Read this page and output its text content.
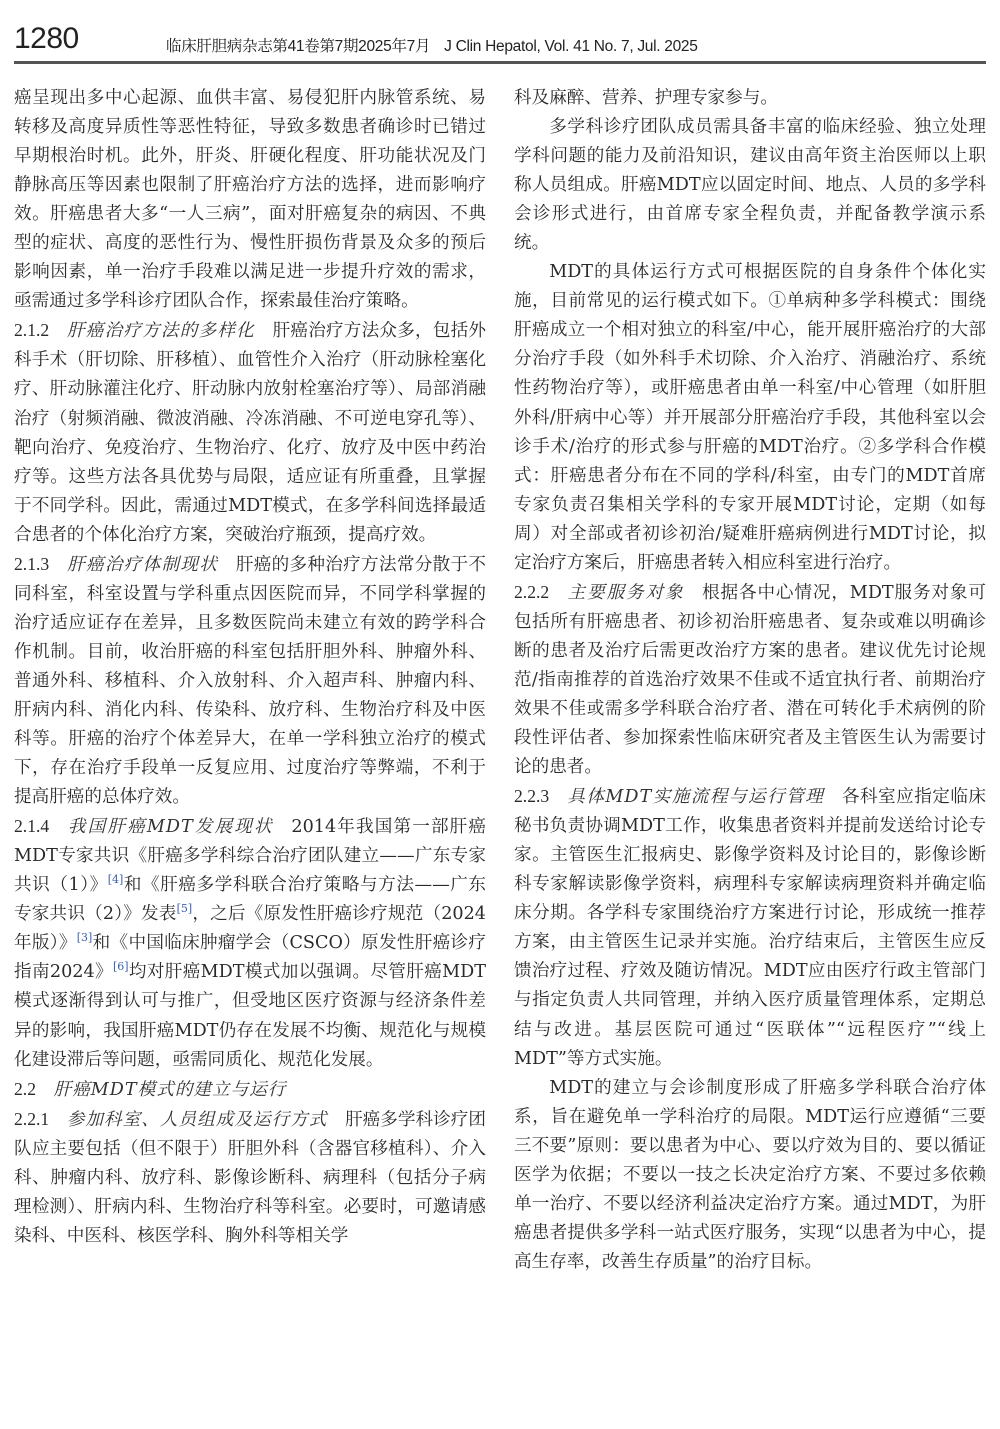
1280	临床肝胆病杂志第41卷第7期2025年7月 J Clin Hepatol, Vol. 41 No. 7, Jul. 2025

癌呈现出多中心起源、血供丰富、易侵犯肝内脉管系统、易转移及高度异质性等恶性特征，导致多数患者确诊时已错过早期根治时机。此外，肝炎、肝硬化程度、肝功能状况及门静脉高压等因素也限制了肝癌治疗方法的选择，进而影响疗效。肝癌患者大多“一人三病”，面对肝癌复杂的病因、不典型的症状、高度的恶性行为、慢性肝损伤背景及众多的预后影响因素，单一治疗手段难以满足进一步提升疗效的需求，亟需通过多学科诊疗团队合作，探索最佳治疗策略。

2.1.2 肝癌治疗方法的多样化 肝癌治疗方法众多，包括外科手术（肝切除、肝移植）、血管性介入治疗（肝动脉栓塞化疗、肝动脉灌注化疗、肝动脉内放射栓塞治疗等）、局部消融治疗（射频消融、微波消融、冷冻消融、不可逆电穿孔等）、靶向治疗、免疫治疗、生物治疗、化疗、放疗及中医中药治疗等。这些方法各具优势与局限，适应证有所重叠，且掌握于不同学科。因此，需通过MDT模式，在多学科间选择最适合患者的个体化治疗方案，突破治疗瓶颈，提高疗效。

2.1.3 肝癌治疗体制现状 肝癌的多种治疗方法常分散于不同科室，科室设置与学科重点因医院而异，不同学科掌握的治疗适应证存在差异，且多数医院尚未建立有效的跨学科合作机制。目前，收治肝癌的科室包括肝胆外科、肿瘤外科、普通外科、移植科、介入放射科、介入超声科、肿瘤内科、肝病内科、消化内科、传染科、放疗科、生物治疗科及中医科等。肝癌的治疗个体差异大，在单一学科独立治疗的模式下，存在治疗手段单一反复应用、过度治疗等弊端，不利于提高肝癌的总体疗效。

2.1.4 我国肝癌MDT发展现状 2014年我国第一部肝癌MDT专家共识《肝癌多学科综合治疗团队建立——广东专家共识（1）》[4]和《肝癌多学科联合治疗策略与方法——广东专家共识（2）》发表[5]，之后《原发性肝癌诊疗规范（2024年版）》[3]和《中国临床肿瘤学会（CSCO）原发性肝癌诊疗指南2024》[6]均对肝癌MDT模式加以强调。尽管肝癌MDT模式逐渐得到认可与推广，但受地区医疗资源与经济条件差异的影响，我国肝癌MDT仍存在发展不均衡、规范化与规模化建设滞后等问题，亟需同质化、规范化发展。

2.2 肝癌MDT模式的建立与运行

2.2.1 参加科室、人员组成及运行方式 肝癌多学科诊疗团队应主要包括（但不限于）肝胆外科（含器官移植科）、介入科、肿瘤内科、放疗科、影像诊断科、病理科（包括分子病理检测）、肝病内科、生物治疗科等科室。必要时，可邀请感染科、中医科、核医学科、胸外科等相关学

科及麻醉、营养、护理专家参与。

多学科诊疗团队成员需具备丰富的临床经验、独立处理学科问题的能力及前沿知识，建议由高年资主治医师以上职称人员组成。肝癌MDT应以固定时间、地点、人员的多学科会诊形式进行，由首席专家全程负责，并配备教学演示系统。

MDT的具体运行方式可根据医院的自身条件个体化实施，目前常见的运行模式如下。①单病种多学科模式：围绕肝癌成立一个相对独立的科室/中心，能开展肝癌治疗的大部分治疗手段（如外科手术切除、介入治疗、消融治疗、系统性药物治疗等），或肝癌患者由单一科室/中心管理（如肝胆外科/肝病中心等）并开展部分肝癌治疗手段，其他科室以会诊手术/治疗的形式参与肝癌的MDT治疗。②多学科合作模式：肝癌患者分布在不同的学科/科室，由专门的MDT首席专家负责召集相关学科的专家开展MDT讨论，定期（如每周）对全部或者初诊初治/疑难肝癌病例进行MDT讨论，拟定治疗方案后，肝癌患者转入相应科室进行治疗。

2.2.2 主要服务对象 根据各中心情况，MDT服务对象可包括所有肝癌患者、初诊初治肝癌患者、复杂或难以明确诊断的患者及治疗后需更改治疗方案的患者。建议优先讨论规范/指南推荐的首选治疗效果不佳或不适宜执行者、前期治疗效果不佳或需多学科联合治疗者、潜在可转化手术病例的阶段性评估者、参加探索性临床研究者及主管医生认为需要讨论的患者。

2.2.3 具体MDT实施流程与运行管理 各科室应指定临床秘书负责协调MDT工作，收集患者资料并提前发送给讨论专家。主管医生汇报病史、影像学资料及讨论目的，影像诊断科专家解读影像学资料，病理科专家解读病理资料并确定临床分期。各学科专家围绕治疗方案进行讨论，形成统一推荐方案，由主管医生记录并实施。治疗结束后，主管医生应反馈治疗过程、疗效及随访情况。MDT应由医疗行政主管部门与指定负责人共同管理，并纳入医疗质量管理体系，定期总结与改进。基层医院可通过“医联体”“远程医疗”“线上MDT”等方式实施。

MDT的建立与会诊制度形成了肝癌多学科联合治疗体系，旨在避免单一学科治疗的局限。MDT运行应遵循“三要三不要”原则：要以患者为中心、要以疗效为目的、要以循证医学为依据；不要以一技之长决定治疗方案、不要过多依赖单一治疗、不要以经济利益决定治疗方案。通过MDT，为肝癌患者提供多学科一站式医疗服务，实现“以患者为中心，提高生存率，改善生存质量”的治疗目标。
